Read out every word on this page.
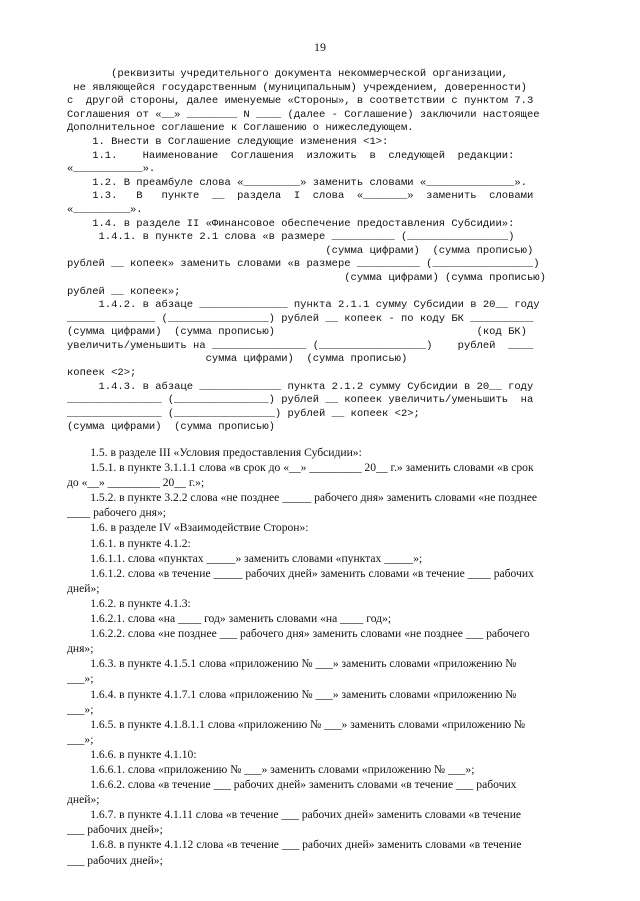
19
(реквизиты учредительного документа некоммерческой организации,
не являющейся государственным (муниципальным) учреждением, доверенности)
с  другой стороны, далее именуемые «Стороны», в соответствии с пунктом 7.3
Соглашения от «__» ________ N ____ (далее - Соглашение) заключили настоящее
Дополнительное соглашение к Соглашению о нижеследующем.
1. Внести в Соглашение следующие изменения <1>:
1.1.    Наименование  Соглашения  изложить  в  следующей  редакции:
«___________».
1.2. В преамбуле слова «_________» заменить словами «______________».
1.3.   В   пункте  __  раздела  I  слова  «_______»  заменить  словами
«_________».
1.4. в разделе II «Финансовое обеспечение предоставления Субсидии»:
1.4.1. в пункте 2.1 слова «в размере __________ (________________)
(сумма цифрами)  (сумма прописью)
рублей __ копеек» заменить словами «в размере __________ (________________)
(сумма цифрами) (сумма прописью)
рублей __ копеек»;
1.4.2. в абзаце ______________ пункта 2.1.1 сумму Субсидии в 20__ году
______________ (________________) рублей __ копеек - по коду БК __________
(сумма цифрами)  (сумма прописью)                                (код БК)
увеличить/уменьшить на _______________ (_________________)    рублей  ____
сумма цифрами)  (сумма прописью)
копеек <2>;
1.4.3. в абзаце _____________ пункта 2.1.2 сумму Субсидии в 20__ году
_______________ (_______________) рублей __ копеек увеличить/уменьшить  на
_______________ (________________) рублей __ копеек <2>;
(сумма цифрами)  (сумма прописью)
1.5. в разделе III «Условия предоставления Субсидии»:
1.5.1. в пункте 3.1.1.1 слова «в срок до «__» _________ 20__ г.» заменить словами «в срок
до «__» _________ 20__ г.»;
1.5.2. в пункте 3.2.2 слова «не позднее _____ рабочего дня» заменить словами «не позднее
____ рабочего дня»;
1.6. в разделе IV «Взаимодействие Сторон»:
1.6.1. в пункте 4.1.2:
1.6.1.1. слова «пунктах _____» заменить словами «пунктах _____»;
1.6.1.2. слова «в течение _____ рабочих дней» заменить словами «в течение ____ рабочих
дней»;
1.6.2. в пункте 4.1.3:
1.6.2.1. слова «на ____ год» заменить словами «на ____ год»;
1.6.2.2. слова «не позднее ___ рабочего дня» заменить словами «не позднее ___ рабочего
дня»;
1.6.3. в пункте 4.1.5.1 слова «приложению № ___» заменить словами «приложению №
___»;
1.6.4. в пункте 4.1.7.1 слова «приложению № ___» заменить словами «приложению №
___»;
1.6.5. в пункте 4.1.8.1.1 слова «приложению № ___» заменить словами «приложению №
___»;
1.6.6. в пункте 4.1.10:
1.6.6.1. слова «приложению № ___» заменить словами «приложению № ___»;
1.6.6.2. слова «в течение ___ рабочих дней» заменить словами «в течение ___ рабочих
дней»;
1.6.7. в пункте 4.1.11 слова «в течение ___ рабочих дней» заменить словами «в течение
___ рабочих дней»;
1.6.8. в пункте 4.1.12 слова «в течение ___ рабочих дней» заменить словами «в течение
___ рабочих дней»;
